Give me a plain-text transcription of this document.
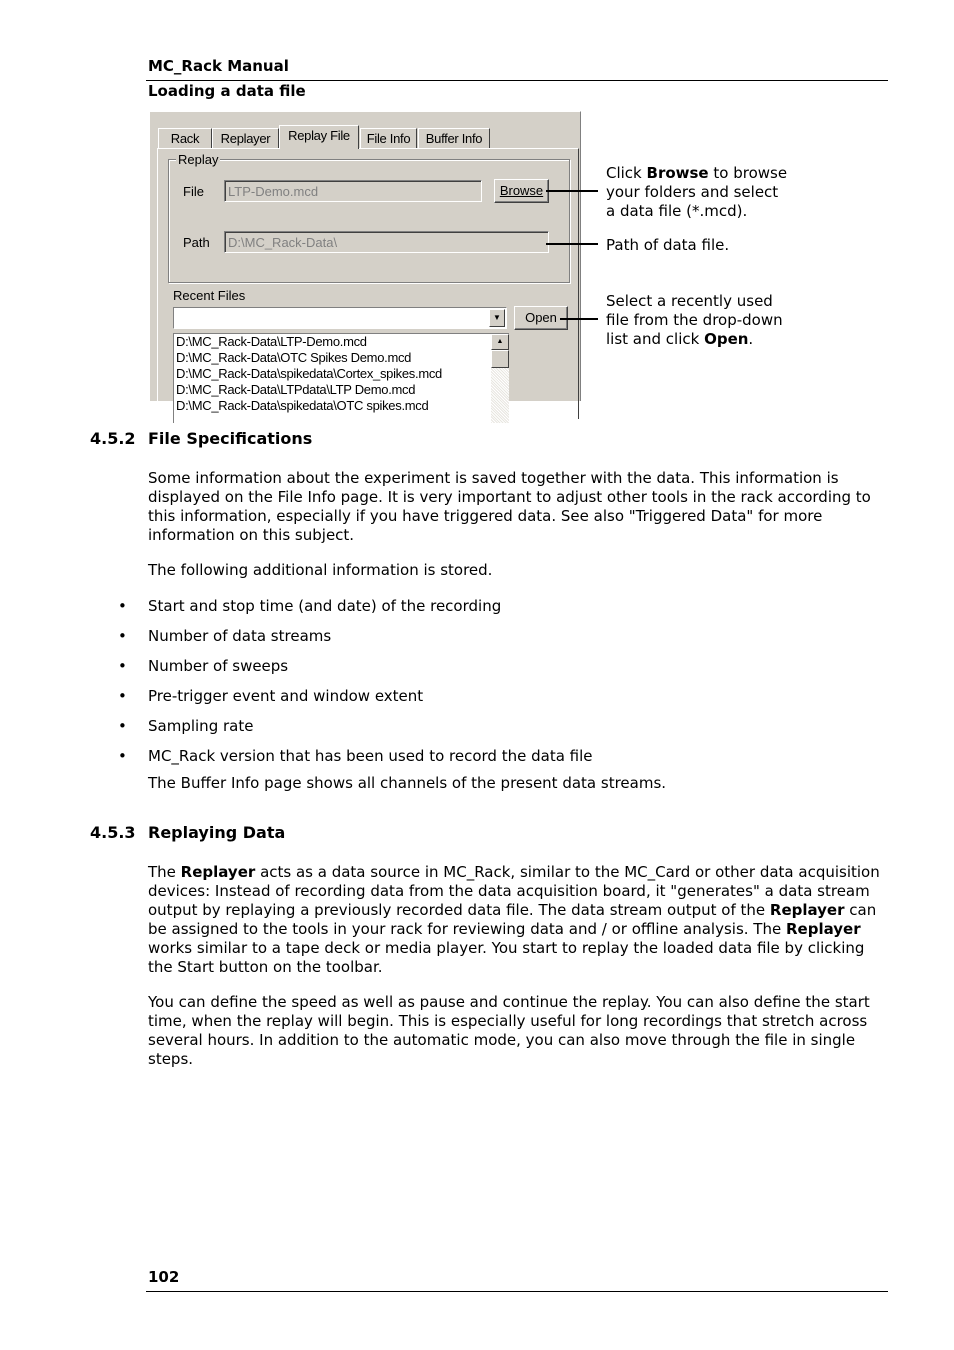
MC_Rack Manual
Loading a data file
Rack	Replayer	Replay File	File Info	Buffer Info
Replay
File	LTP-Demo.mcd	Browse
Path	D:\MC_Rack-Data\
Recent Files
▼	Open
D:\MC_Rack-Data\LTP-Demo.mcd
D:\MC_Rack-Data\OTC Spikes Demo.mcd
D:\MC_Rack-Data\spikedata\Cortex_spikes.mcd
D:\MC_Rack-Data\LTPdata\LTP Demo.mcd
D:\MC_Rack-Data\spikedata\OTC spikes.mcd
▲
Click Browse to browse
your folders and select
a data file (*.mcd).
Path of data file.
Select a recently used
file from the drop-down
list and click Open.
4.5.2 File Specifications
Some information about the experiment is saved together with the data. This information is displayed on the File Info page. It is very important to adjust other tools in the rack according to this information, especially if you have triggered data. See also "Triggered Data" for more information on this subject.
The following additional information is stored.
• Start and stop time (and date) of the recording
• Number of data streams
• Number of sweeps
• Pre-trigger event and window extent
• Sampling rate
• MC_Rack version that has been used to record the data file
The Buffer Info page shows all channels of the present data streams.
4.5.3 Replaying Data
The Replayer acts as a data source in MC_Rack, similar to the MC_Card or other data acquisition devices: Instead of recording data from the data acquisition board, it "generates" a data stream output by replaying a previously recorded data file. The data stream output of the Replayer can be assigned to the tools in your rack for reviewing data and / or offline analysis. The Replayer works similar to a tape deck or media player. You start to replay the loaded data file by clicking the Start button on the toolbar.
You can define the speed as well as pause and continue the replay. You can also define the start time, when the replay will begin. This is especially useful for long recordings that stretch across several hours. In addition to the automatic mode, you can also move through the file in single steps.
102
